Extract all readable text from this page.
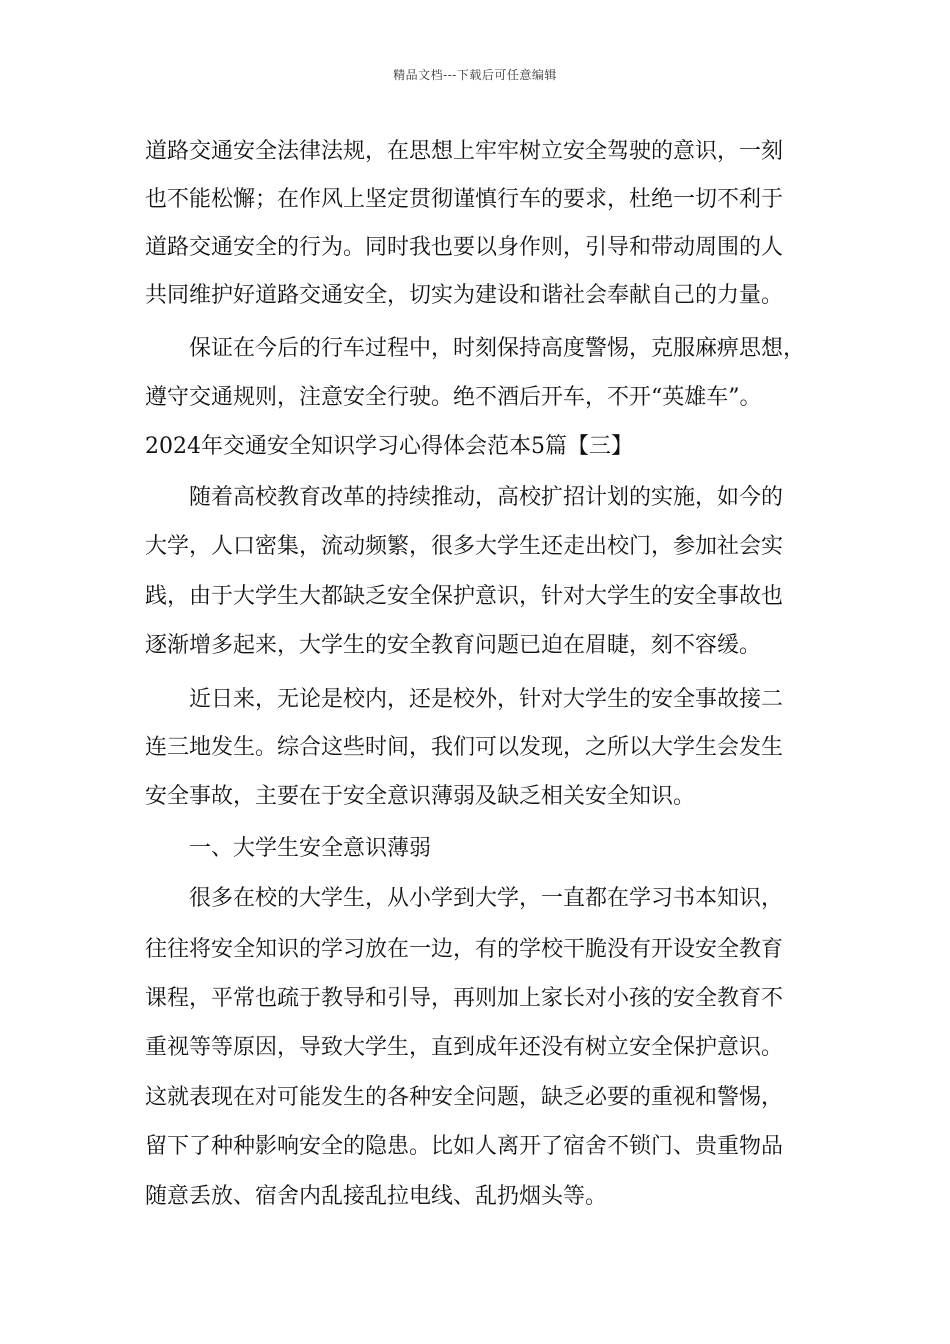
精品文档---下载后可任意编辑
道路交通安全法律法规，在思想上牢牢树立安全驾驶的意识，一刻
也不能松懈；在作风上坚定贯彻谨慎行车的要求，杜绝一切不利于
道路交通安全的行为。同时我也要以身作则，引导和带动周围的人
共同维护好道路交通安全，切实为建设和谐社会奉献自己的力量。
保证在今后的行车过程中，时刻保持高度警惕，克服麻痹思想，
遵守交通规则，注意安全行驶。绝不酒后开车，不开“英雄车”。
2024年交通安全知识学习心得体会范本5篇【三】
随着高校教育改革的持续推动，高校扩招计划的实施，如今的
大学，人口密集，流动频繁，很多大学生还走出校门，参加社会实
践，由于大学生大都缺乏安全保护意识，针对大学生的安全事故也
逐渐增多起来，大学生的安全教育问题已迫在眉睫，刻不容缓。
近日来，无论是校内，还是校外，针对大学生的安全事故接二
连三地发生。综合这些时间，我们可以发现，之所以大学生会发生
安全事故，主要在于安全意识薄弱及缺乏相关安全知识。
一、大学生安全意识薄弱
很多在校的大学生，从小学到大学，一直都在学习书本知识，
往往将安全知识的学习放在一边，有的学校干脆没有开设安全教育
课程，平常也疏于教导和引导，再则加上家长对小孩的安全教育不
重视等等原因，导致大学生，直到成年还没有树立安全保护意识。
这就表现在对可能发生的各种安全问题，缺乏必要的重视和警惕，
留下了种种影响安全的隐患。比如人离开了宿舍不锁门、贵重物品
随意丢放、宿舍内乱接乱拉电线、乱扔烟头等。
